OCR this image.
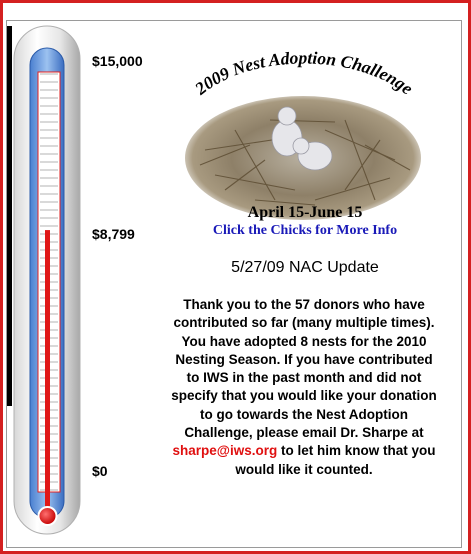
$15,000
$8,799
$0
2009 Nest Adoption Challenge
April 15-June 15
Click the Chicks for More Info
5/27/09 NAC Update
Thank you to the 57 donors who have contributed so far (many multiple times). You have adopted 8 nests for the 2010 Nesting Season. If you have contributed to IWS in the past month and did not specify that you would like your donation to go towards the Nest Adoption Challenge, please email Dr. Sharpe at sharpe@iws.org to let him know that you would like it counted.
